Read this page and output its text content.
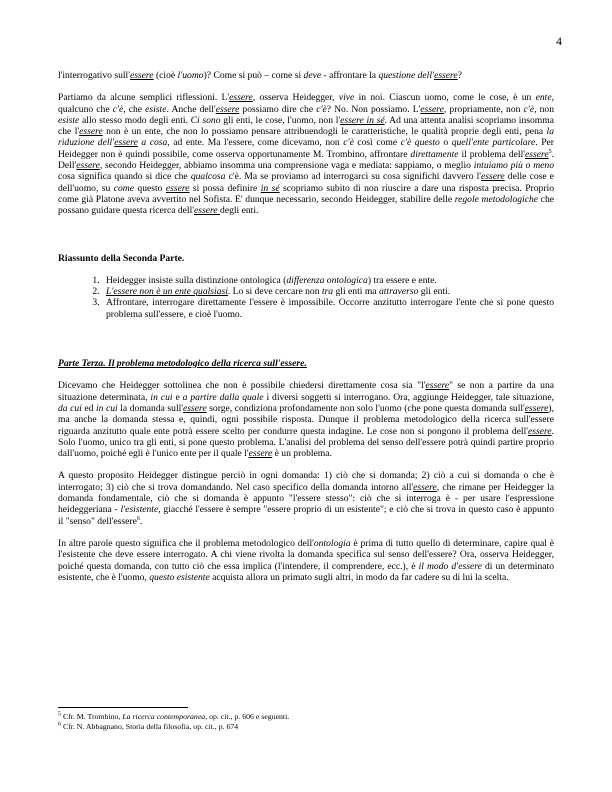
4

l'interrogativo sull'essere (cioè l'uomo)? Come si può – come si deve - affrontare la questione dell'essere?

Partiamo da alcune semplici riflessioni. L'essere, osserva Heidegger, vive in noi. Ciascun uomo, come le cose, è un ente, qualcuno che c'è, che esiste. Anche dell'essere possiamo dire che c'è? No. Non possiamo. L'essere, propriamente, non c'è, non esiste allo stesso modo degli enti. Ci sono gli enti, le cose, l'uomo, non l'essere in sé. Ad una attenta analisi scopriamo insomma che l'essere non è un ente, che non lo possiamo pensare attribuendogli le caratteristiche, le qualità proprie degli enti, pena la riduzione dell'essere a cosa, ad ente. Ma l'essere, come dicevamo, non c'è così come c'è questo o quell'ente particolare. Per Heidegger non è quindi possibile, come osserva opportunamente M. Trombino, affrontare direttamente il problema dell'essere$^5$. Dell'essere, secondo Heidegger, abbiamo insomma una comprensione vaga e mediata: sappiamo, o meglio intuiamo più o meno cosa significa quando si dice che qualcosa c'è. Ma se proviamo ad interrogarci su cosa significhi davvero l'essere delle cose e dell'uomo, su come questo essere si possa definire in sé scopriamo subito di non riuscire a dare una risposta precisa. Proprio come già Platone aveva avvertito nel Sofista. E' dunque necessario, secondo Heidegger, stabilire delle regole metodologiche che possano guidare questa ricerca dell'essere degli enti.

Riassunto della Seconda Parte.
1. Heidegger insiste sulla distinzione ontologica (differenza ontologica) tra essere e ente.
2. L'essere non è un ente qualsiasi. Lo si deve cercare non tra gli enti ma attraverso gli enti.
3. Affrontare, interrogare direttamente l'essere è impossibile. Occorre anzitutto interrogare l'ente che si pone questo problema sull'essere, e cioè l'uomo.
Parte Terza. Il problema metodologico della ricerca sull'essere.

Dicevamo che Heidegger sottolinea che non è possibile chiedersi direttamente cosa sia "l'essere" se non a partire da una situazione determinata, in cui e a partire dalla quale i diversi soggetti si interrogano. Ora, aggiunge Heidegger, tale situazione, da cui ed in cui la domanda sull'essere sorge, condiziona profondamente non solo l'uomo (che pone questa domanda sull'essere), ma anche la domanda stessa e, quindi, ogni possibile risposta. Dunque il problema metodologico della ricerca sull'essere riguarda anzitutto quale ente potrà essere scelto per condurre questa indagine. Le cose non si pongono il problema dell'essere. Solo l'uomo, unico tra gli enti, si pone questo problema. L'analisi del problema del senso dell'essere potrà quindi partire proprio dall'uomo, poiché egli è l'unico ente per il quale l'essere è un problema.

A questo proposito Heidegger distingue perciò in ogni domanda: 1) ciò che si domanda; 2) ciò a cui si domanda o che è interrogato; 3) ciò che si trova domandando. Nel caso specifico della domanda intorno all'essere, che rimane per Heidegger la domanda fondamentale, ciò che si domanda è appunto "l'essere stesso": ciò che si interroga è - per usare l'espressione heideggeriana - l'esistente, giacché l'essere è sempre "essere proprio di un esistente"; e ciò che si trova in questo caso è appunto il "senso" dell'essere$^6$.

In altre parole questo significa che il problema metodologico dell'ontologia è prima di tutto quello di determinare, capire qual è l'esistente che deve essere interrogato. A chi viene rivolta la domanda specifica sul senso dell'essere? Ora, osserva Heidegger, poiché questa domanda, con tutto ciò che essa implica (l'intendere, il comprendere, ecc.), è il modo d'essere di un determinato esistente, che è l'uomo, questo esistente acquista allora un primato sugli altri, in modo da far cadere su di lui la scelta.

$^5$ Cfr. M. Trombino, La ricerca contemporanea, op. cit., p. 606 e seguenti.
$^6$ Cfr. N. Abbagnano, Storia della filosofia, op. cit., p. 674
